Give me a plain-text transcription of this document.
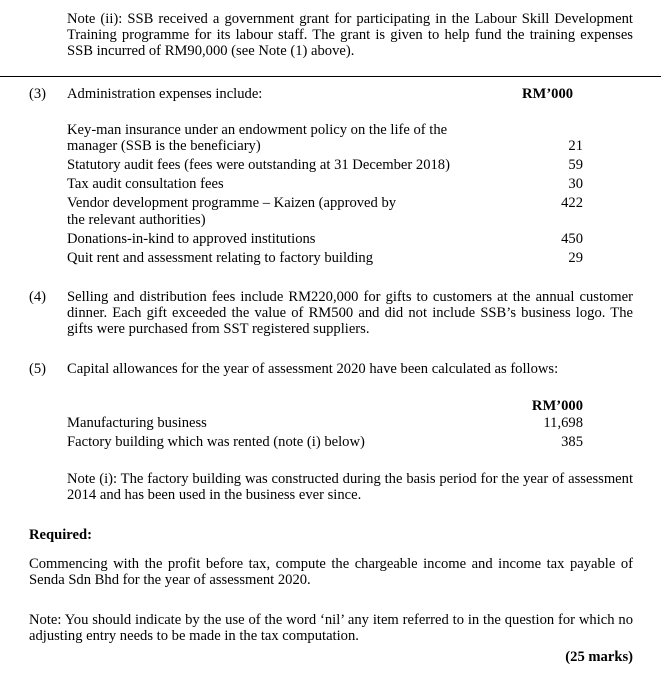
Note (ii): SSB received a government grant for participating in the Labour Skill Development Training programme for its labour staff. The grant is given to help fund the training expenses SSB incurred of RM90,000 (see Note (1) above).
(3) Administration expenses include:	RM’000
Key-man insurance under an endowment policy on the life of the
manager (SSB is the beneficiary)	21
Statutory audit fees (fees were outstanding at 31 December 2018)	59
Tax audit consultation fees	30
Vendor development programme – Kaizen (approved by	422
the relevant authorities)
Donations-in-kind to approved institutions	450
Quit rent and assessment relating to factory building	29
(4) Selling and distribution fees include RM220,000 for gifts to customers at the annual customer dinner. Each gift exceeded the value of RM500 and did not include SSB’s business logo. The gifts were purchased from SST registered suppliers.
(5) Capital allowances for the year of assessment 2020 have been calculated as follows:
RM’000
Manufacturing business	11,698
Factory building which was rented (note (i) below)	385
Note (i): The factory building was constructed during the basis period for the year of assessment 2014 and has been used in the business ever since.
Required:
Commencing with the profit before tax, compute the chargeable income and income tax payable of Senda Sdn Bhd for the year of assessment 2020.
Note: You should indicate by the use of the word ‘nil’ any item referred to in the question for which no adjusting entry needs to be made in the tax computation.
(25 marks)
